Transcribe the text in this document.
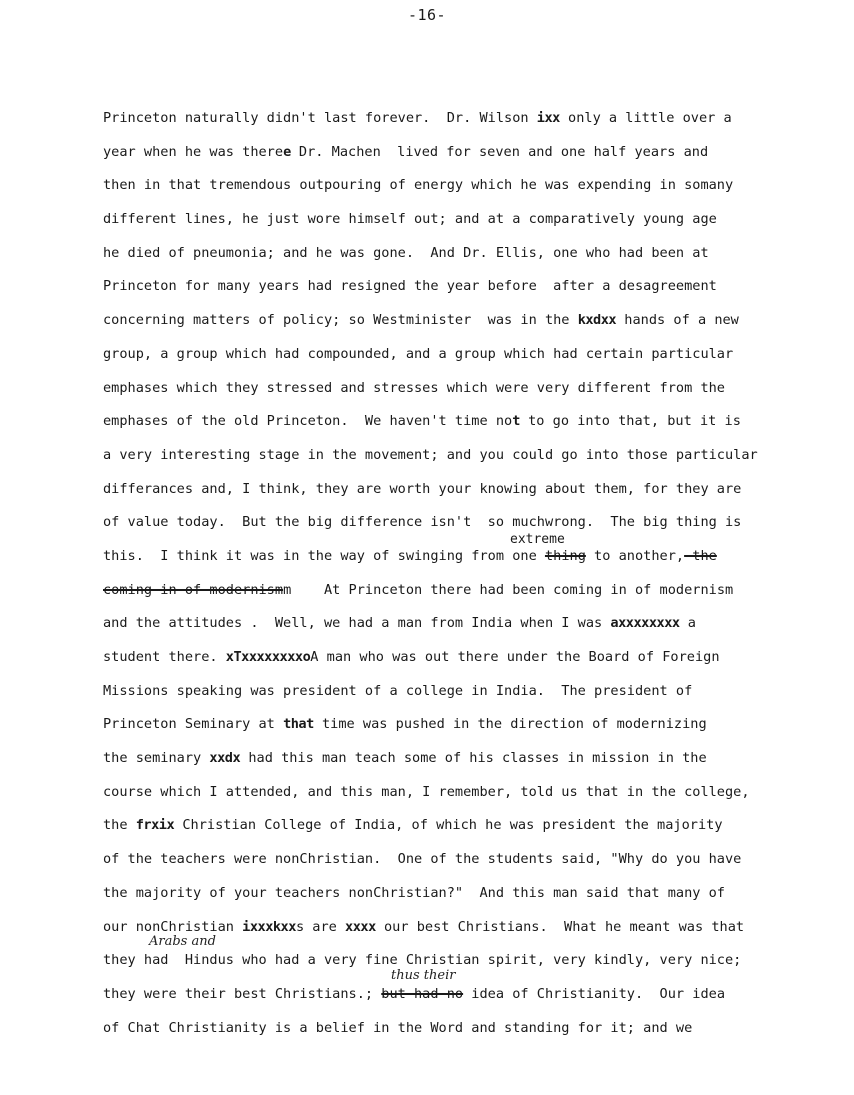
-16-
Princeton naturally didn't last forever.  Dr. Wilson ixx only a little over a
year when he was theree Dr. Machen  lived for seven and one half years and
then in that tremendous outpouring of energy which he was expending in somany
different lines, he just wore himself out; and at a comparatively young age
he died of pneumonia; and he was gone.  And Dr. Ellis, one who had been at
Princeton for many years had resigned the year before  after a desagreement
concerning matters of policy; so Westminister  was in the kxdxx hands of a new
group, a group which had compounded, and a group which had certain particular
emphases which they stressed and stresses which were very different from the
emphases of the old Princeton.  We haven't time not to go into that, but it is
a very interesting stage in the movement; and you could go into those particular
differances and, I think, they are worth your knowing about them, for they are
of value today.  But the big difference isn't  so muchwrong.  The big thing is
extreme
this.  I think it was in the way of swinging from one thing to another, the
coming in of modernismm    At Princeton there had been coming in of modernism
and the attitudes .  Well, we had a man from India when I was axxxxxxxx a
student there. xTxxxxxxxxoA man who was out there under the Board of Foreign
Missions speaking was president of a college in India.  The president of
Princeton Seminary at that time was pushed in the direction of modernizing
the seminary xxdx had this man teach some of his classes in mission in the
course which I attended, and this man, I remember, told us that in the college,
the frxix Christian College of India, of which he was president the majority
of the teachers were nonChristian.  One of the students said, "Why do you have
the majority of your teachers nonChristian?"  And this man said that many of
our nonChristian ixxxkxxs are xxxx our best Christians.  What he meant was that
Arabs and
they had  Hindus who had a very fine Christian spirit, very kindly, very nice;
thus their
they were their best Christians.; but had no idea of Christianity.  Our idea
of Chat Christianity is a belief in the Word and standing for it; and we
